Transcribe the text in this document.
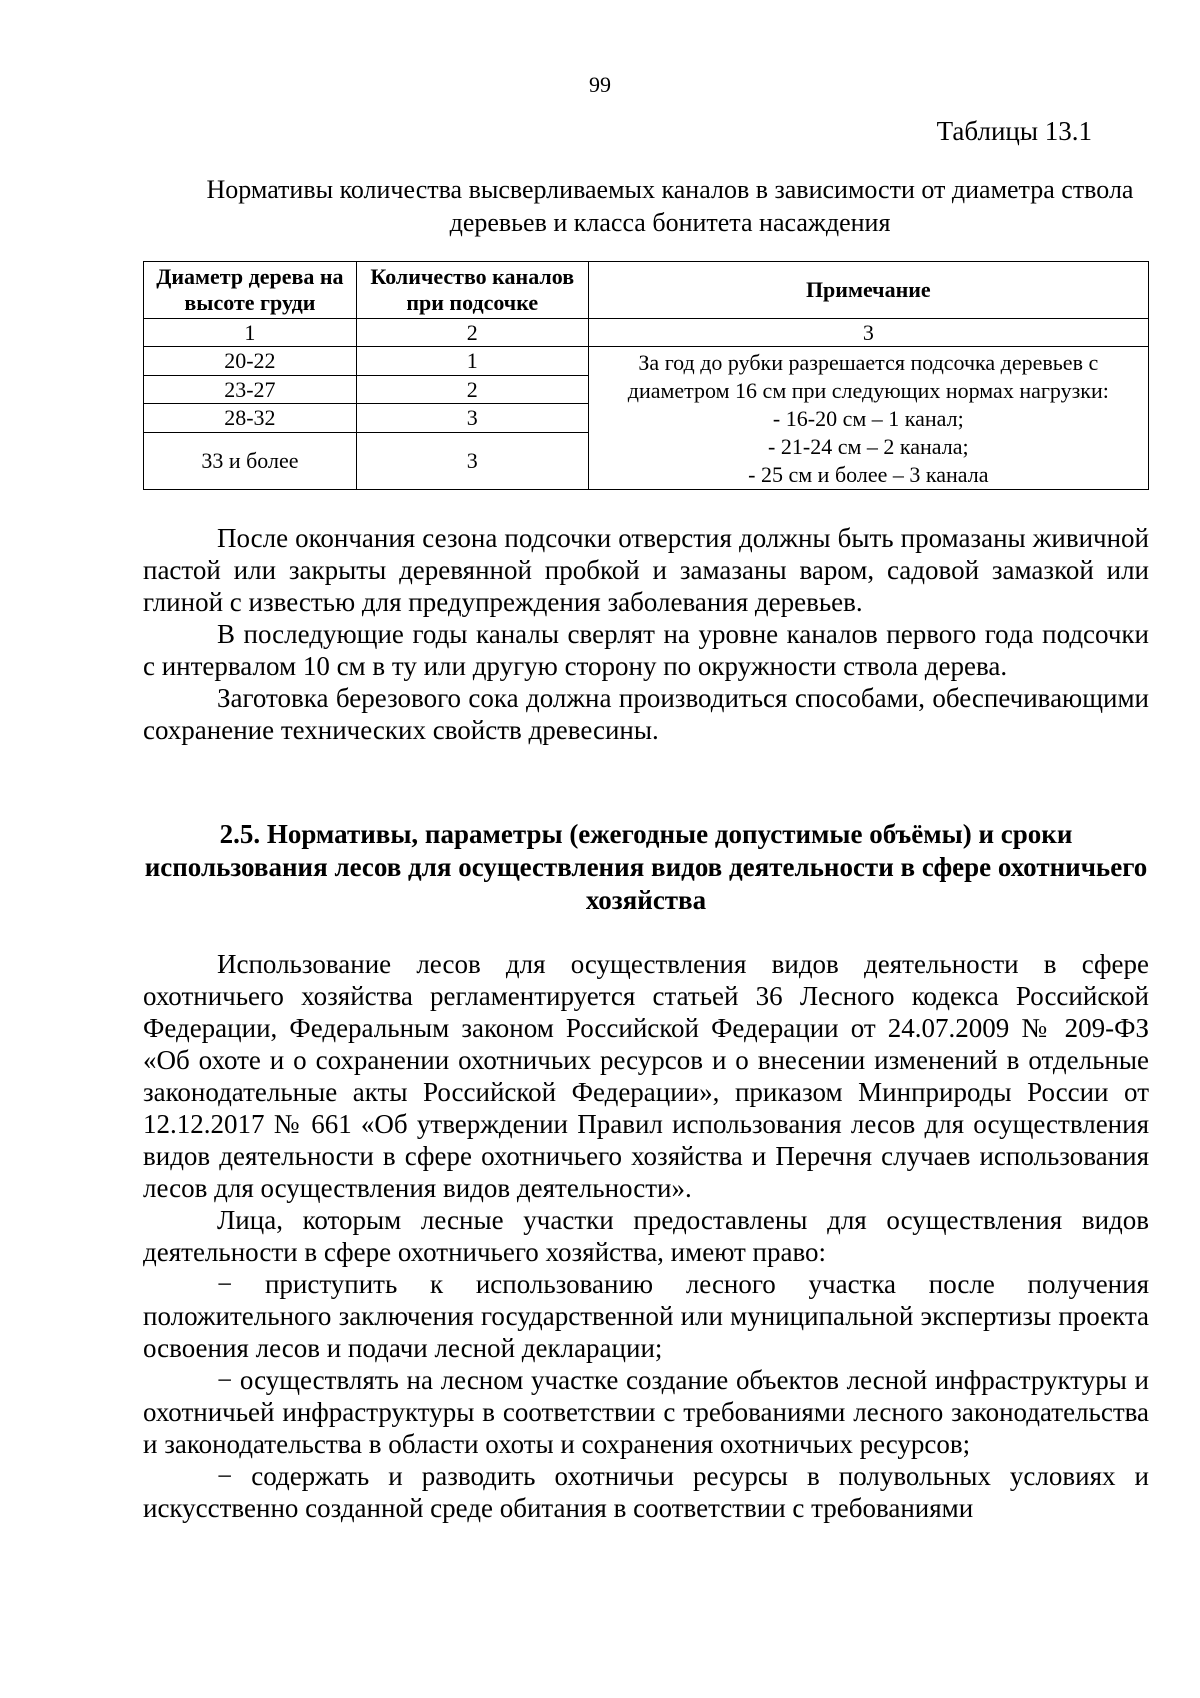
99
Таблицы 13.1
Нормативы количества высверливаемых каналов в зависимости от диаметра ствола деревьев и класса бонитета насаждения
Диаметр дерева на высоте груди	Количество каналов при подсочке	Примечание
1	2	3
20-22	1	За год до рубки разрешается подсочка деревьев с
диаметром 16 см при следующих нормах нагрузки:
- 16-20 см – 1 канал;
- 21-24 см – 2 канала;
- 25 см и более – 3 канала

23-27	2	
28-32	3	
33 и более	3	

После окончания сезона подсочки отверстия должны быть промазаны живичной пастой или закрыты деревянной пробкой и замазаны варом, садовой замазкой или глиной с известью для предупреждения заболевания деревьев.

В последующие годы каналы сверлят на уровне каналов первого года подсочки с интервалом 10 см в ту или другую сторону по окружности ствола дерева.

Заготовка березового сока должна производиться способами, обеспечивающими сохранение технических свойств древесины.

2.5. Нормативы, параметры (ежегодные допустимые объёмы) и сроки использования лесов для осуществления видов деятельности в сфере охотничьего хозяйства

Использование лесов для осуществления видов деятельности в сфере охотничьего хозяйства регламентируется статьей 36 Лесного кодекса Российской Федерации, Федеральным законом Российской Федерации от 24.07.2009 № 209-ФЗ «Об охоте и о сохранении охотничьих ресурсов и о внесении изменений в отдельные законодательные акты Российской Федерации», приказом Минприроды России от 12.12.2017 № 661 «Об утверждении Правил использования лесов для осуществления видов деятельности в сфере охотничьего хозяйства и Перечня случаев использования лесов для осуществления видов деятельности».

Лица, которым лесные участки предоставлены для осуществления видов деятельности в сфере охотничьего хозяйства, имеют право:

− приступить к использованию лесного участка после получения положительного заключения государственной или муниципальной экспертизы проекта освоения лесов и подачи лесной декларации;

− осуществлять на лесном участке создание объектов лесной инфраструктуры и охотничьей инфраструктуры в соответствии с требованиями лесного законодательства и законодательства в области охоты и сохранения охотничьих ресурсов;

− содержать и разводить охотничьи ресурсы в полувольных условиях и искусственно созданной среде обитания в соответствии с требованиями
